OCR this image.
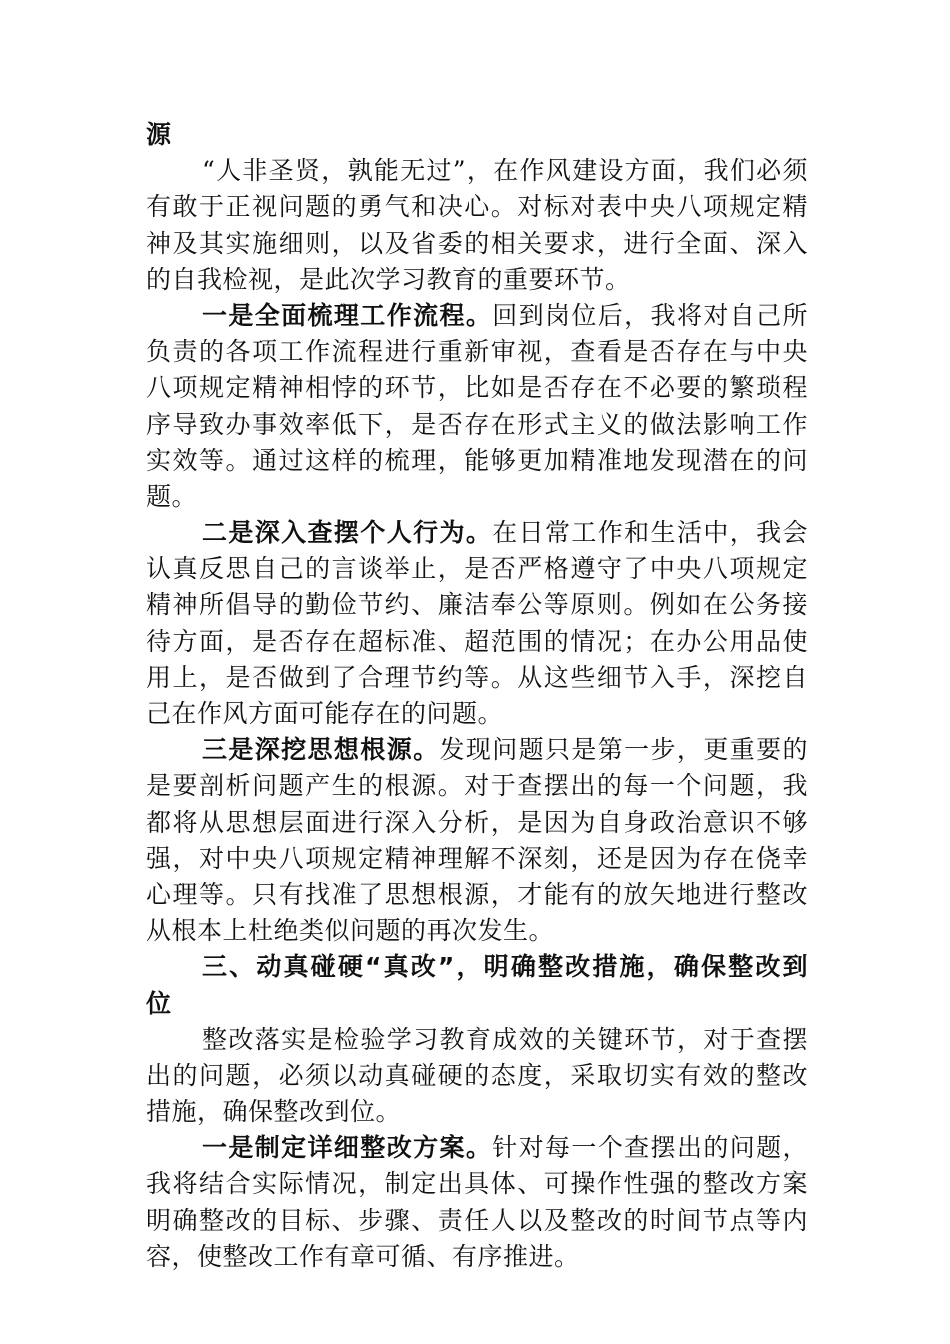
源
“人非圣贤，孰能无过”，在作风建设方面，我们必须
有敢于正视问题的勇气和决心。对标对表中央八项规定精
神及其实施细则，以及省委的相关要求，进行全面、深入
的自我检视，是此次学习教育的重要环节。
一是全面梳理工作流程。回到岗位后，我将对自己所
负责的各项工作流程进行重新审视，查看是否存在与中央
八项规定精神相悖的环节，比如是否存在不必要的繁琐程
序导致办事效率低下，是否存在形式主义的做法影响工作
实效等。通过这样的梳理，能够更加精准地发现潜在的问
题。
二是深入查摆个人行为。在日常工作和生活中，我会
认真反思自己的言谈举止，是否严格遵守了中央八项规定
精神所倡导的勤俭节约、廉洁奉公等原则。例如在公务接
待方面，是否存在超标准、超范围的情况；在办公用品使
用上，是否做到了合理节约等。从这些细节入手，深挖自
己在作风方面可能存在的问题。
三是深挖思想根源。发现问题只是第一步，更重要的
是要剖析问题产生的根源。对于查摆出的每一个问题，我
都将从思想层面进行深入分析，是因为自身政治意识不够
强，对中央八项规定精神理解不深刻，还是因为存在侥幸
心理等。只有找准了思想根源，才能有的放矢地进行整改
从根本上杜绝类似问题的再次发生。
三、动真碰硬“真改”，明确整改措施，确保整改到
位
整改落实是检验学习教育成效的关键环节，对于查摆
出的问题，必须以动真碰硬的态度，采取切实有效的整改
措施，确保整改到位。
一是制定详细整改方案。针对每一个查摆出的问题，
我将结合实际情况，制定出具体、可操作性强的整改方案
明确整改的目标、步骤、责任人以及整改的时间节点等内
容，使整改工作有章可循、有序推进。
